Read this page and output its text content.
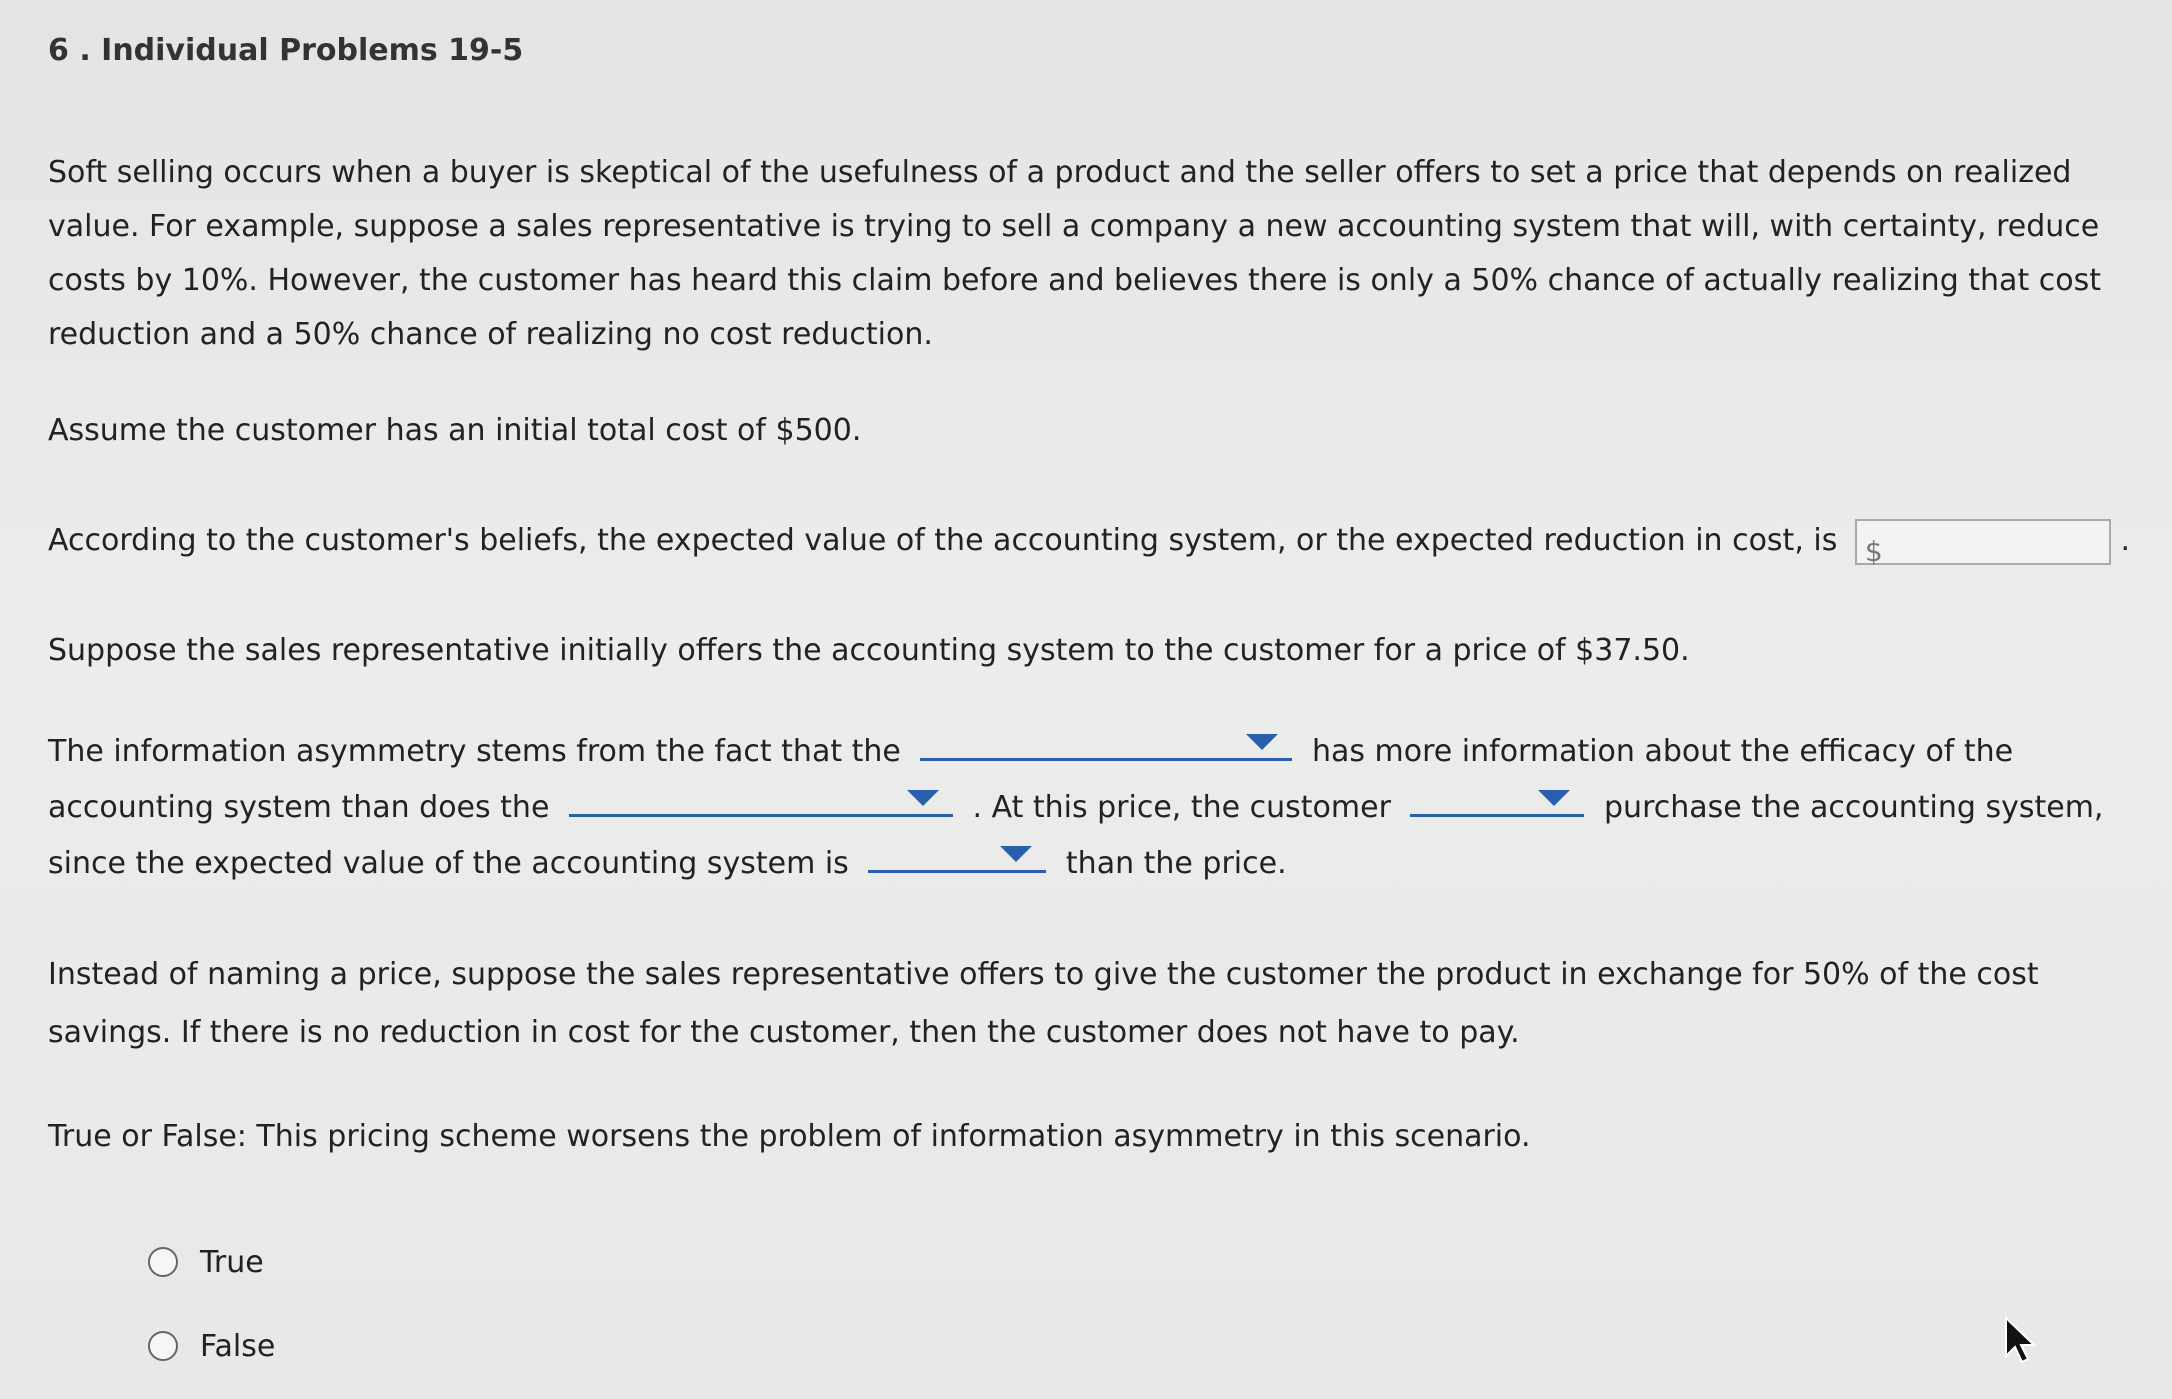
6 . Individual Problems 19-5

Soft selling occurs when a buyer is skeptical of the usefulness of a product and the seller offers to set a price that depends on realized value. For example, suppose a sales representative is trying to sell a company a new accounting system that will, with certainty, reduce costs by 10%. However, the customer has heard this claim before and believes there is only a 50% chance of actually realizing that cost reduction and a 50% chance of realizing no cost reduction.

Assume the customer has an initial total cost of $500.

According to the customer's beliefs, the expected value of the accounting system, or the expected reduction in cost, is $	.

Suppose the sales representative initially offers the accounting system to the customer for a price of $37.50.

The information asymmetry stems from the fact that the	has more information about the efficacy of the accounting system than does the	. At this price, the customer	purchase the accounting system, since the expected value of the accounting system is	than the price.

Instead of naming a price, suppose the sales representative offers to give the customer the product in exchange for 50% of the cost savings. If there is no reduction in cost for the customer, then the customer does not have to pay.

True or False: This pricing scheme worsens the problem of information asymmetry in this scenario.

True
False
